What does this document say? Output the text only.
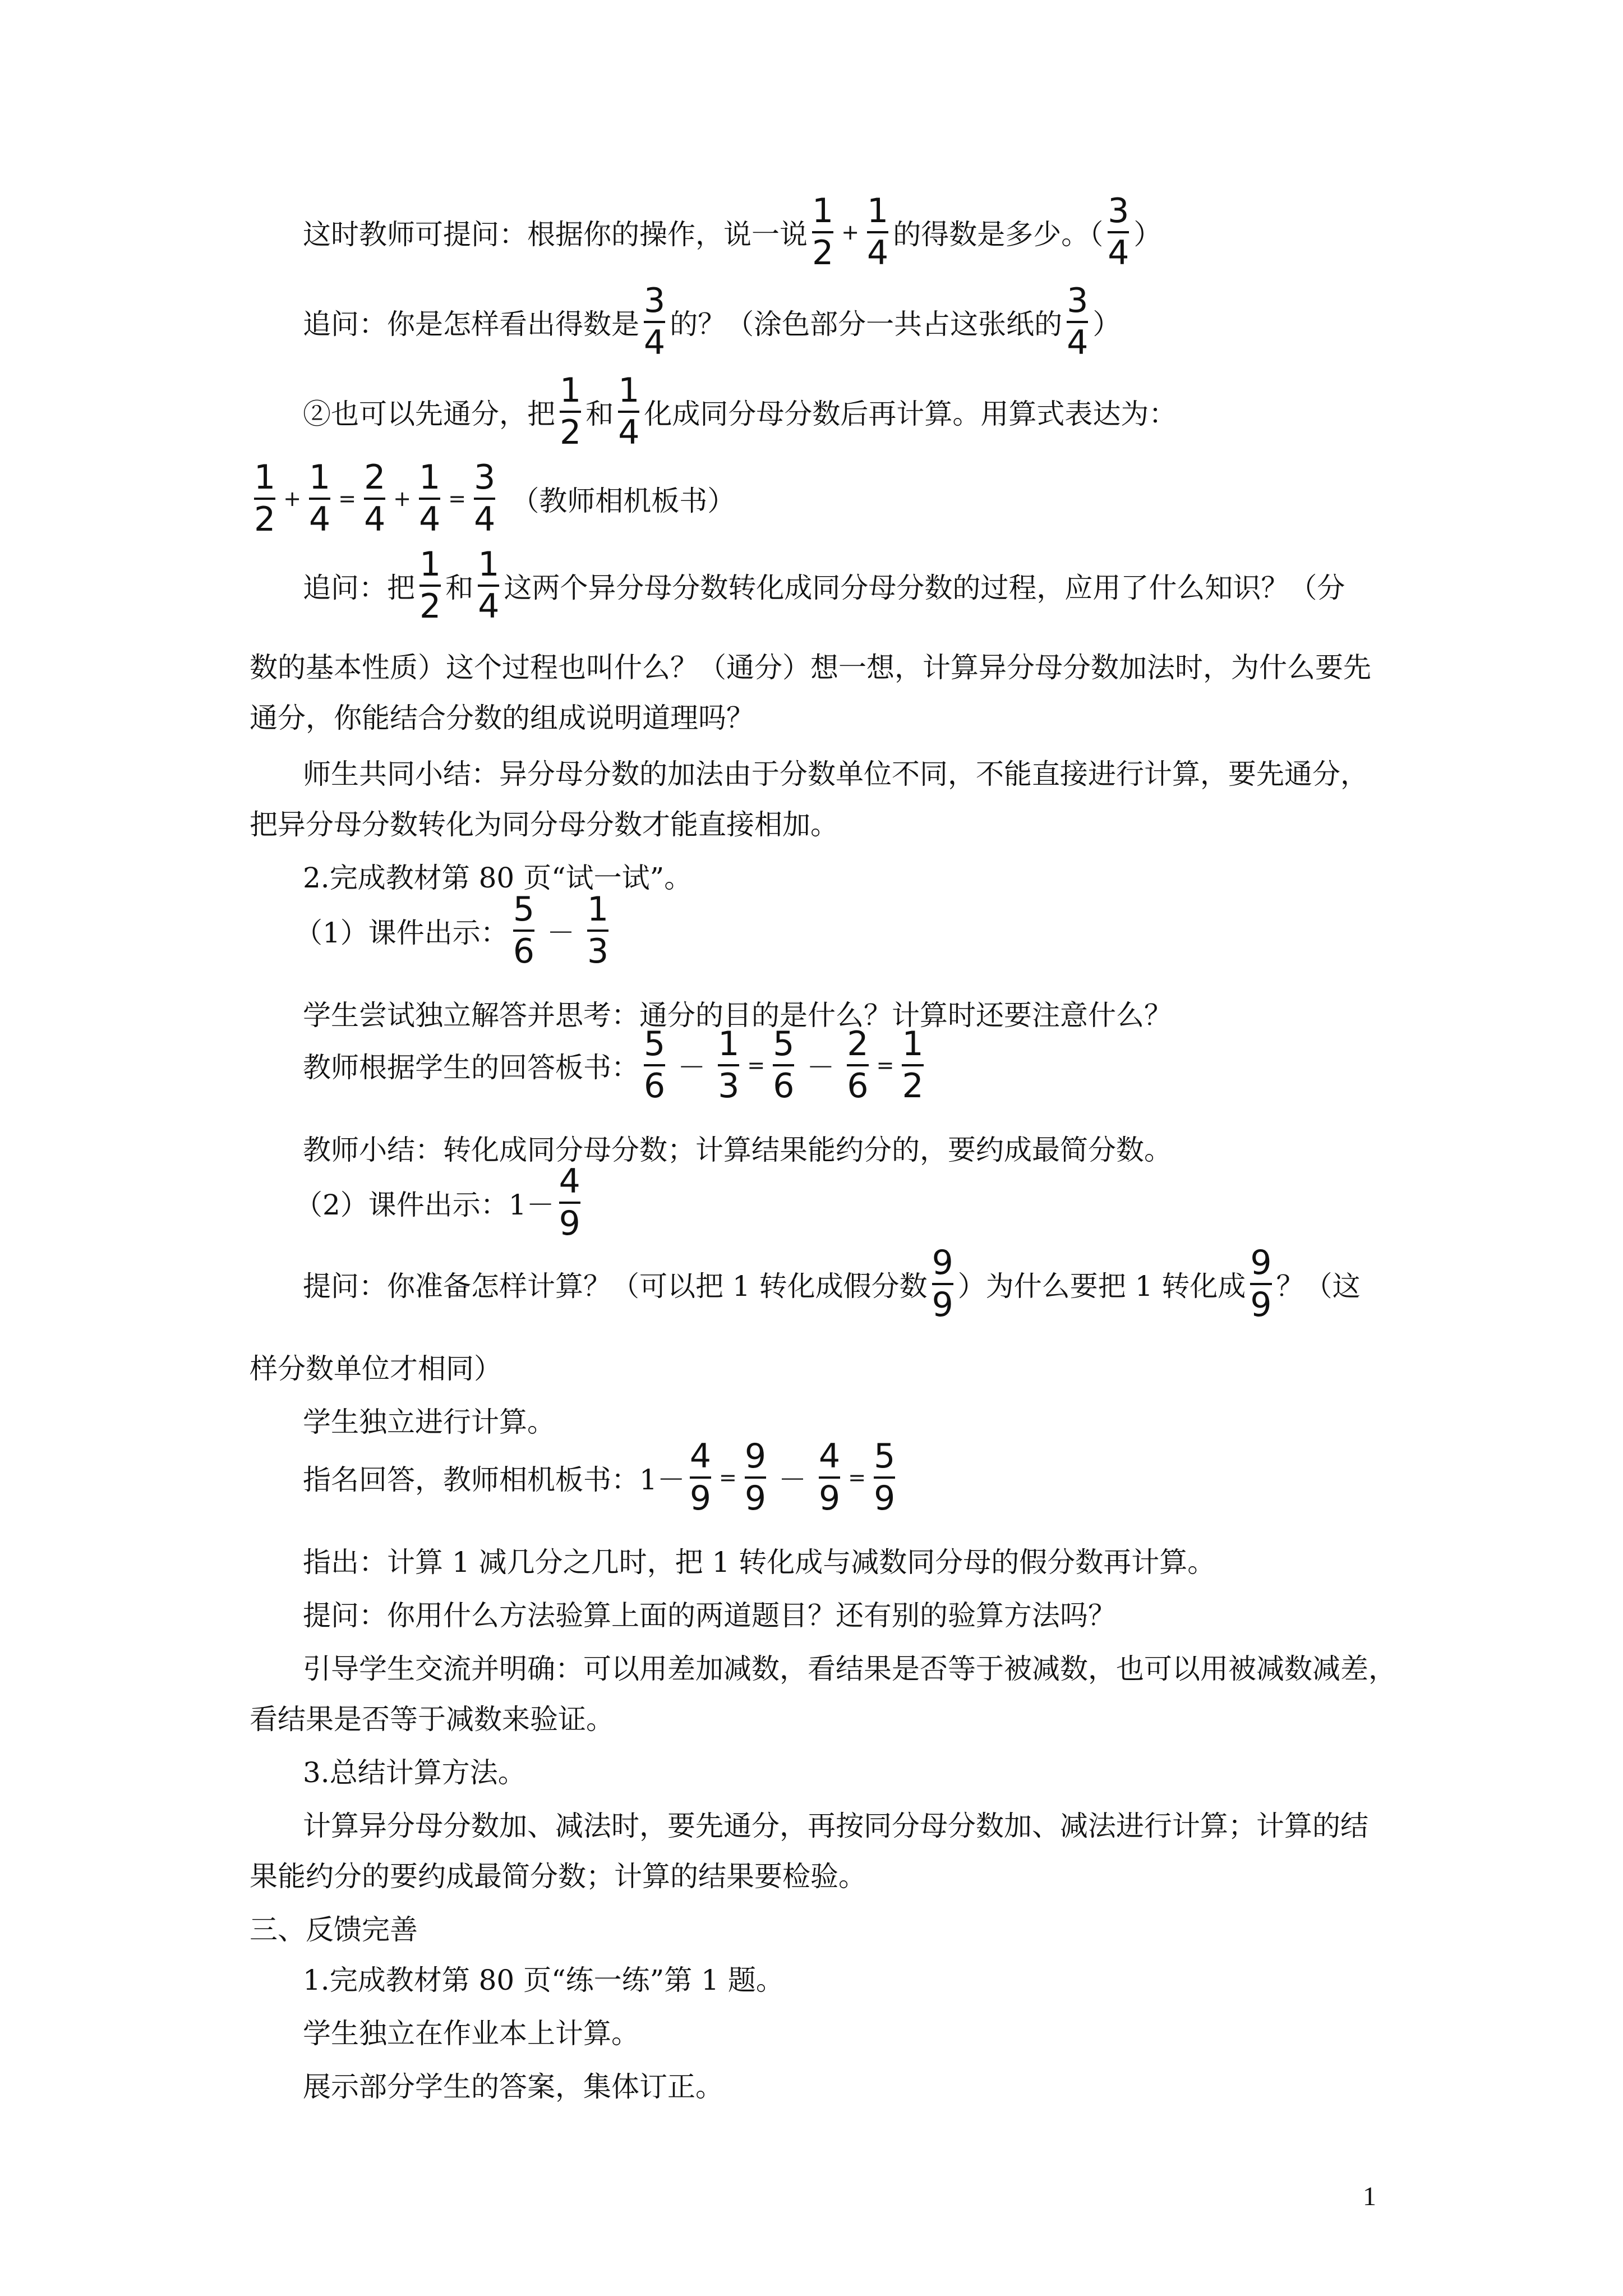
这时教师可提问：根据你的操作，说一说 $\frac{1}{2} + \frac{1}{4}$ 的得数是多少。（ $\frac{3}{4}$ ）
追问：你是怎样看出得数是 $\frac{3}{4}$ 的？（涂色部分一共占这张纸的 $\frac{3}{4}$ ）
②也可以先通分，把 $\frac{1}{2}$ 和 $\frac{1}{4}$ 化成同分母分数后再计算。用算式表达为：
$\frac{1}{2} + \frac{1}{4} = \frac{2}{4} + \frac{1}{4} = \frac{3}{4}$ （教师相机板书）
追问：把 $\frac{1}{2}$ 和 $\frac{1}{4}$ 这两个异分母分数转化成同分母分数的过程，应用了什么知识？（分
数的基本性质）这个过程也叫什么？（通分）想一想，计算异分母分数加法时，为什么要先
通分，你能结合分数的组成说明道理吗？
师生共同小结：异分母分数的加法由于分数单位不同，不能直接进行计算，要先通分，
把异分母分数转化为同分母分数才能直接相加。
2.完成教材第 80 页“试一试”。
（1）课件出示： $\frac{5}{6} - \frac{1}{3}$
学生尝试独立解答并思考：通分的目的是什么？计算时还要注意什么？
教师根据学生的回答板书： $\frac{5}{6} - \frac{1}{3} = \frac{5}{6} - \frac{2}{6} = \frac{1}{2}$
教师小结：转化成同分母分数；计算结果能约分的，要约成最简分数。
（2）课件出示：$1- \frac{4}{9}$
提问：你准备怎样计算？（可以把 1 转化成假分数 $\frac{9}{9}$ ）为什么要把 1 转化成 $\frac{9}{9}$ ？（这
样分数单位才相同）
学生独立进行计算。
指名回答，教师相机板书：$1- \frac{4}{9} = \frac{9}{9} - \frac{4}{9} = \frac{5}{9}$
指出：计算 1 减几分之几时，把 1 转化成与减数同分母的假分数再计算。
提问：你用什么方法验算上面的两道题目？还有别的验算方法吗？
引导学生交流并明确：可以用差加减数，看结果是否等于被减数，也可以用被减数减差，
看结果是否等于减数来验证。
3.总结计算方法。
计算异分母分数加、减法时，要先通分，再按同分母分数加、减法进行计算；计算的结
果能约分的要约成最简分数；计算的结果要检验。
三、反馈完善
1.完成教材第 80 页“练一练”第 1 题。
学生独立在作业本上计算。
展示部分学生的答案，集体订正。
1
